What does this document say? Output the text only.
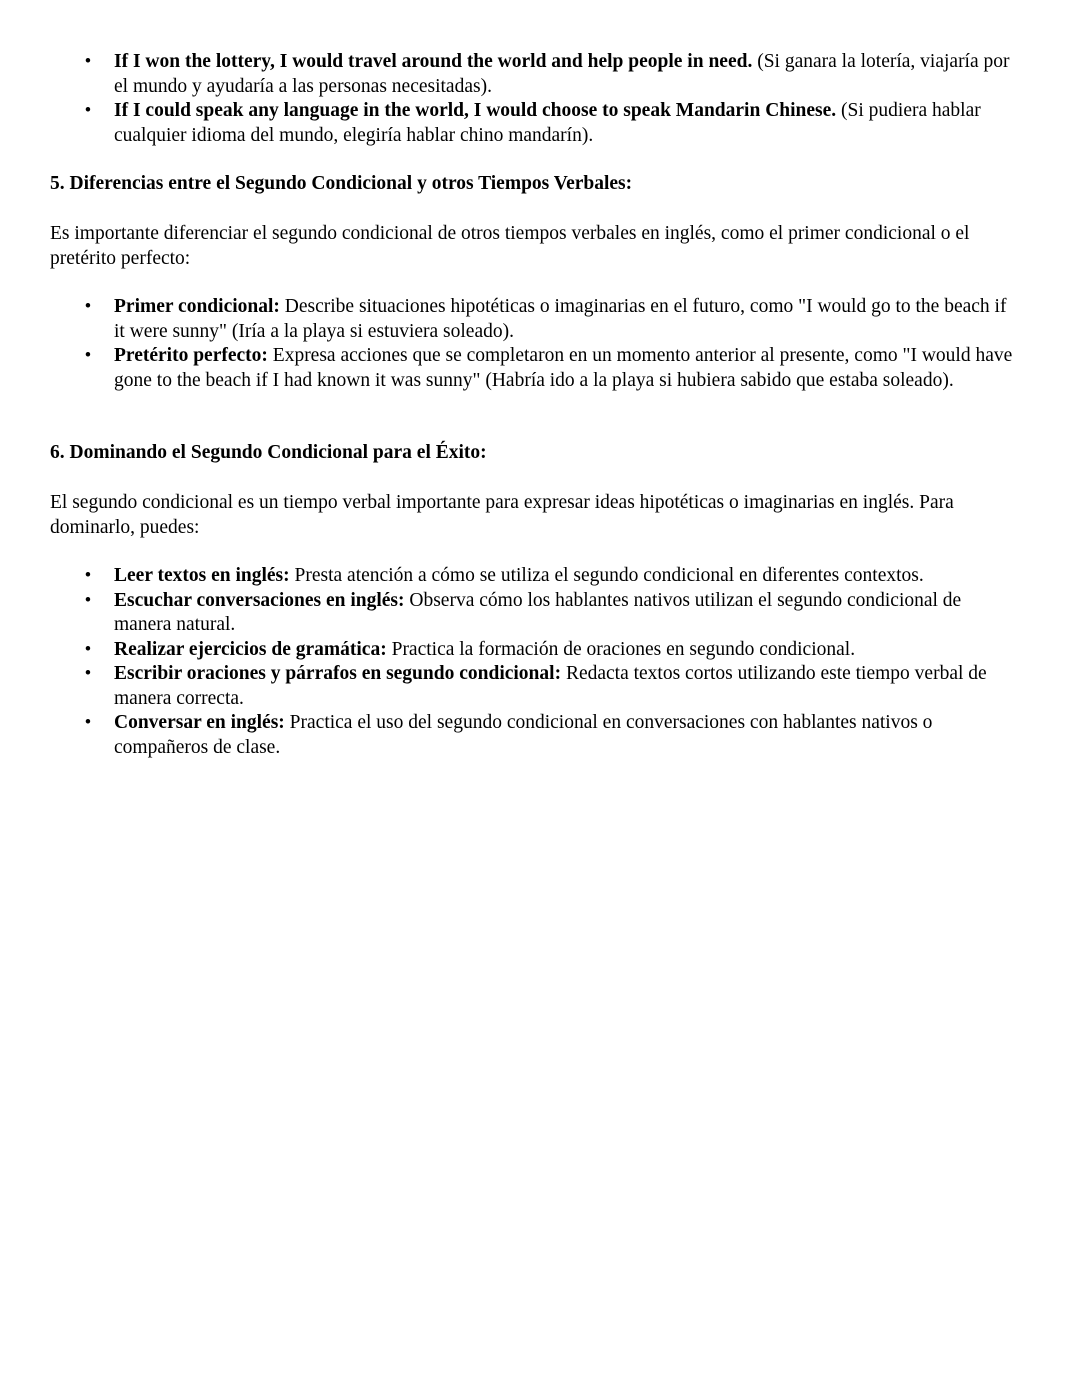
• If I won the lottery, I would travel around the world and help people in need. (Si ganara la lotería, viajaría por el mundo y ayudaría a las personas necesitadas).
• If I could speak any language in the world, I would choose to speak Mandarin Chinese. (Si pudiera hablar cualquier idioma del mundo, elegiría hablar chino mandarín).
5. Diferencias entre el Segundo Condicional y otros Tiempos Verbales:

Es importante diferenciar el segundo condicional de otros tiempos verbales en inglés, como el primer condicional o el pretérito perfecto:

• Primer condicional: Describe situaciones hipotéticas o imaginarias en el futuro, como "I would go to the beach if it were sunny" (Iría a la playa si estuviera soleado).
• Pretérito perfecto: Expresa acciones que se completaron en un momento anterior al presente, como "I would have gone to the beach if I had known it was sunny" (Habría ido a la playa si hubiera sabido que estaba soleado).
6. Dominando el Segundo Condicional para el Éxito:

El segundo condicional es un tiempo verbal importante para expresar ideas hipotéticas o imaginarias en inglés. Para dominarlo, puedes:

• Leer textos en inglés: Presta atención a cómo se utiliza el segundo condicional en diferentes contextos.
• Escuchar conversaciones en inglés: Observa cómo los hablantes nativos utilizan el segundo condicional de manera natural.
• Realizar ejercicios de gramática: Practica la formación de oraciones en segundo condicional.
• Escribir oraciones y párrafos en segundo condicional: Redacta textos cortos utilizando este tiempo verbal de manera correcta.
• Conversar en inglés: Practica el uso del segundo condicional en conversaciones con hablantes nativos o compañeros de clase.
